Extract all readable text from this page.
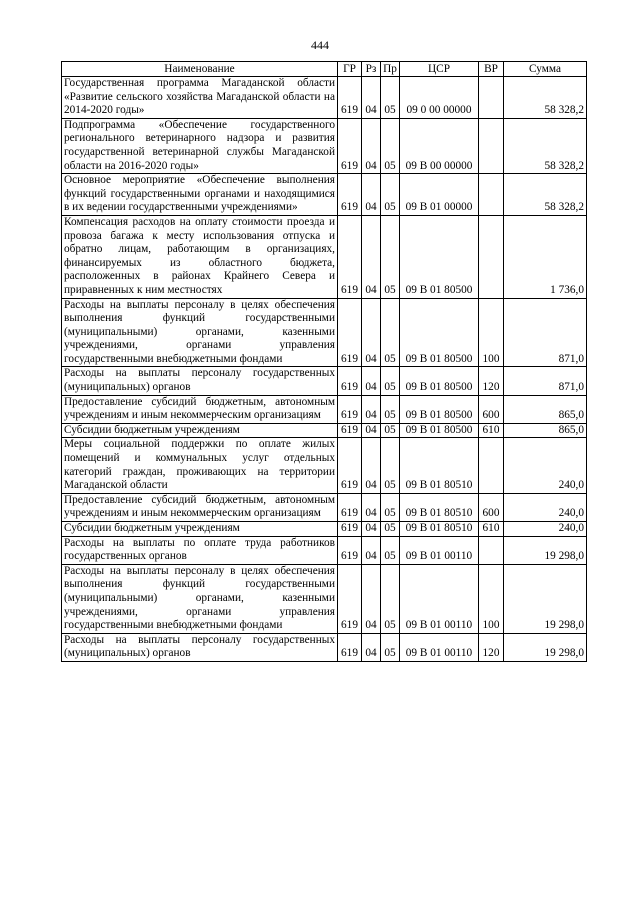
444
Наименование	ГР	Рз	Пр	ЦСР	ВР	Сумма
Государственная программа Магаданской области «Развитие сельского хозяйства Магаданской области на 2014-2020 годы»	619	04	05	09 0 00 00000		58 328,2
Подпрограмма «Обеспечение государственного регионального ветеринарного надзора и развития государственной ветеринарной службы Магаданской области на 2016-2020 годы»	619	04	05	09 В 00 00000		58 328,2
Основное мероприятие «Обеспечение выполнения функций государственными органами и находящимися в их ведении государственными учреждениями»	619	04	05	09 В 01 00000		58 328,2
Компенсация расходов на оплату стоимости проезда и провоза багажа к месту использования отпуска и обратно лицам, работающим в организациях, финансируемых из областного бюджета, расположенных в районах Крайнего Севера и приравненных к ним местностях	619	04	05	09 В 01 80500		1 736,0
Расходы на выплаты персоналу в целях обеспечения выполнения функций государственными (муниципальными) органами, казенными учреждениями, органами управления государственными внебюджетными фондами	619	04	05	09 В 01 80500	100	871,0
Расходы на выплаты персоналу государственных (муниципальных) органов	619	04	05	09 В 01 80500	120	871,0
Предоставление субсидий бюджетным, автономным учреждениям и иным некоммерческим организациям	619	04	05	09 В 01 80500	600	865,0
Субсидии бюджетным учреждениям	619	04	05	09 В 01 80500	610	865,0
Меры социальной поддержки по оплате жилых помещений и коммунальных услуг отдельных категорий граждан, проживающих на территории Магаданской области	619	04	05	09 В 01 80510		240,0
Предоставление субсидий бюджетным, автономным учреждениям и иным некоммерческим организациям	619	04	05	09 В 01 80510	600	240,0
Субсидии бюджетным учреждениям	619	04	05	09 В 01 80510	610	240,0
Расходы на выплаты по оплате труда работников государственных органов	619	04	05	09 В 01 00110		19 298,0
Расходы на выплаты персоналу в целях обеспечения выполнения функций государственными (муниципальными) органами, казенными учреждениями, органами управления государственными внебюджетными фондами	619	04	05	09 В 01 00110	100	19 298,0
Расходы на выплаты персоналу государственных (муниципальных) органов	619	04	05	09 В 01 00110	120	19 298,0
